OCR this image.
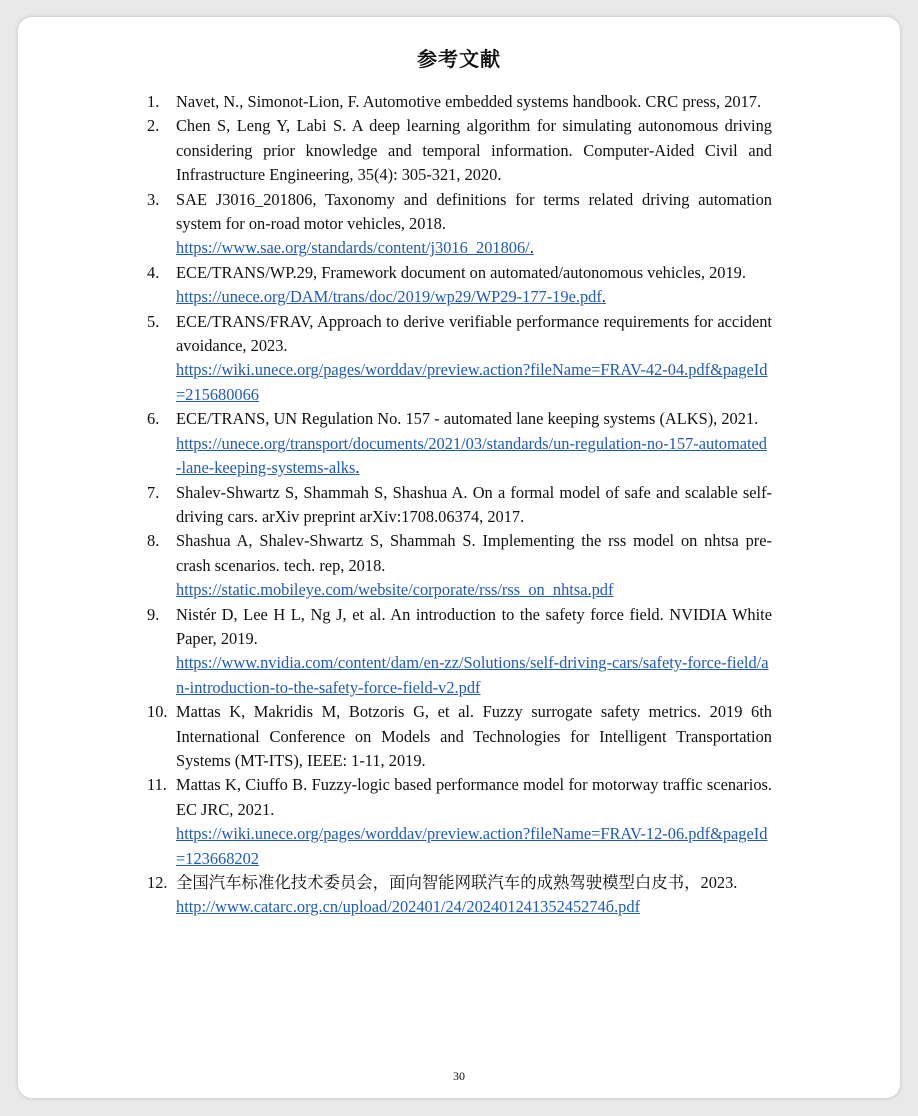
参考文献
1.	Navet, N., Simonot-Lion, F. Automotive embedded systems handbook. CRC press, 2017.
2.	Chen S, Leng Y, Labi S. A deep learning algorithm for simulating autonomous driving considering prior knowledge and temporal information. Computer‐Aided Civil and Infrastructure Engineering, 35(4): 305-321, 2020.
3.	SAE J3016_201806, Taxonomy and definitions for terms related driving automation system for on-road motor vehicles, 2018.
https://www.sae.org/standards/content/j3016_201806/.
4.	ECE/TRANS/WP.29, Framework document on automated/autonomous vehicles, 2019.
https://unece.org/DAM/trans/doc/2019/wp29/WP29-177-19e.pdf.
5.	ECE/TRANS/FRAV, Approach to derive verifiable performance requirements for accident avoidance, 2023.
https://wiki.unece.org/pages/worddav/preview.action?fileName=FRAV-42-04.pdf&pageId=215680066
6.	ECE/TRANS, UN Regulation No. 157 - automated lane keeping systems (ALKS), 2021.
https://unece.org/transport/documents/2021/03/standards/un-regulation-no-157-automated-lane-keeping-systems-alks.
7.	Shalev-Shwartz S, Shammah S, Shashua A. On a formal model of safe and scalable self-driving cars. arXiv preprint arXiv:1708.06374, 2017.
8.	Shashua A, Shalev-Shwartz S, Shammah S. Implementing the rss model on nhtsa pre-crash scenarios. tech. rep, 2018.
https://static.mobileye.com/website/corporate/rss/rss_on_nhtsa.pdf
9.	Nistér D, Lee H L, Ng J, et al. An introduction to the safety force field. NVIDIA White Paper, 2019.
https://www.nvidia.com/content/dam/en-zz/Solutions/self-driving-cars/safety-force-field/an-introduction-to-the-safety-force-field-v2.pdf
10. Mattas K, Makridis M, Botzoris G, et al. Fuzzy surrogate safety metrics. 2019 6th International Conference on Models and Technologies for Intelligent Transportation Systems (MT-ITS), IEEE: 1-11, 2019.
11. Mattas K, Ciuffo B. Fuzzy-logic based performance model for motorway traffic scenarios. EC JRC, 2021.
https://wiki.unece.org/pages/worddav/preview.action?fileName=FRAV-12-06.pdf&pageId=123668202
12. 全国汽车标准化技术委员会，面向智能网联汽车的成熟驾驶模型白皮书，2023.
http://www.catarc.org.cn/upload/202401/24/20240124135245274б.pdf
30
